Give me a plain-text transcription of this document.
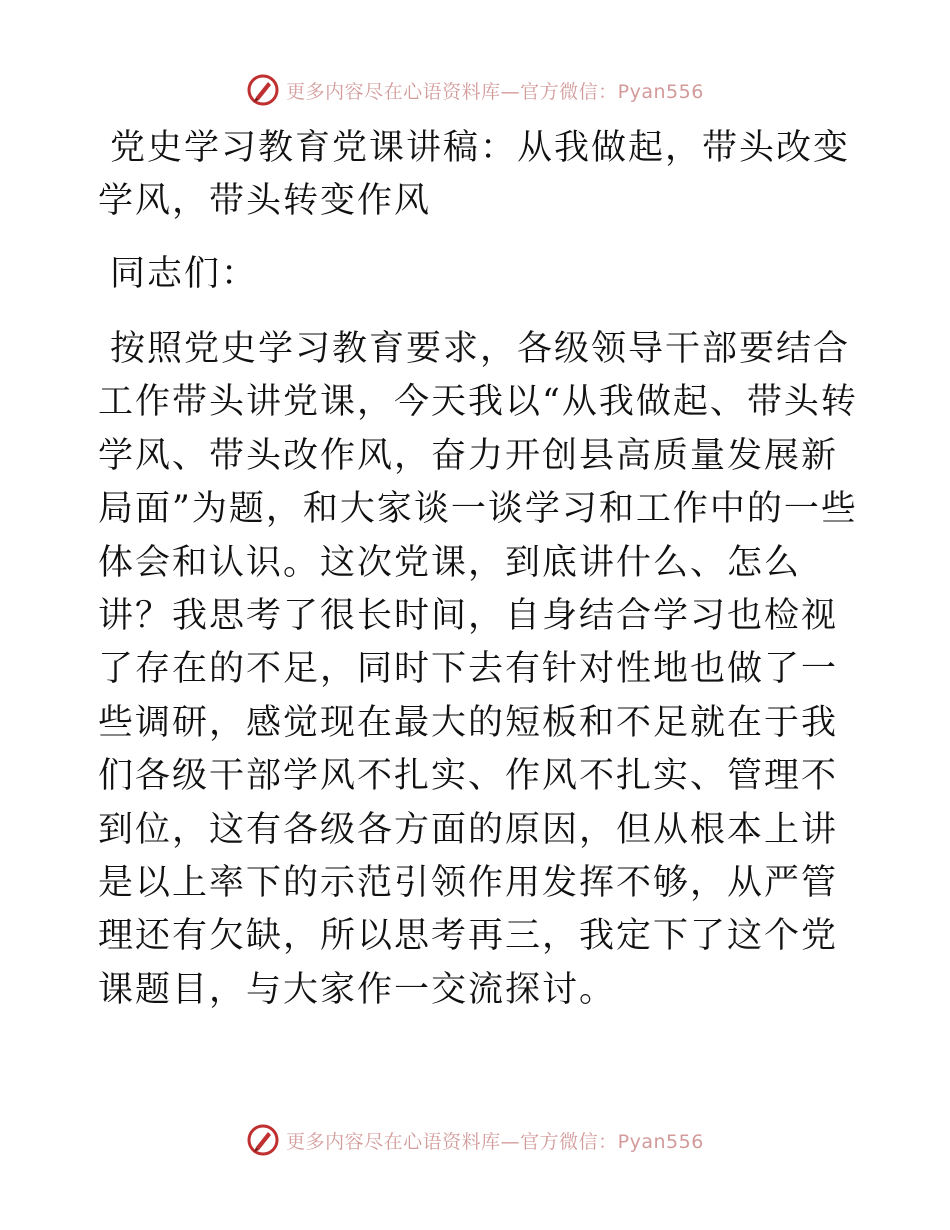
更多内容尽在心语资料库—官方微信：Pyan556

党史学习教育党课讲稿：从我做起，带头改变学风，带头转变作风

同志们：

按照党史学习教育要求，各级领导干部要结合工作带头讲党课，今天我以“从我做起、带头转学风、带头改作风，奋力开创县高质量发展新局面”为题，和大家谈一谈学习和工作中的一些体会和认识。这次党课，到底讲什么、怎么讲？我思考了很长时间，自身结合学习也检视了存在的不足，同时下去有针对性地也做了一些调研，感觉现在最大的短板和不足就在于我们各级干部学风不扎实、作风不扎实、管理不到位，这有各级各方面的原因，但从根本上讲是以上率下的示范引领作用发挥不够，从严管理还有欠缺，所以思考再三，我定下了这个党课题目，与大家作一交流探讨。

更多内容尽在心语资料库—官方微信：Pyan556
